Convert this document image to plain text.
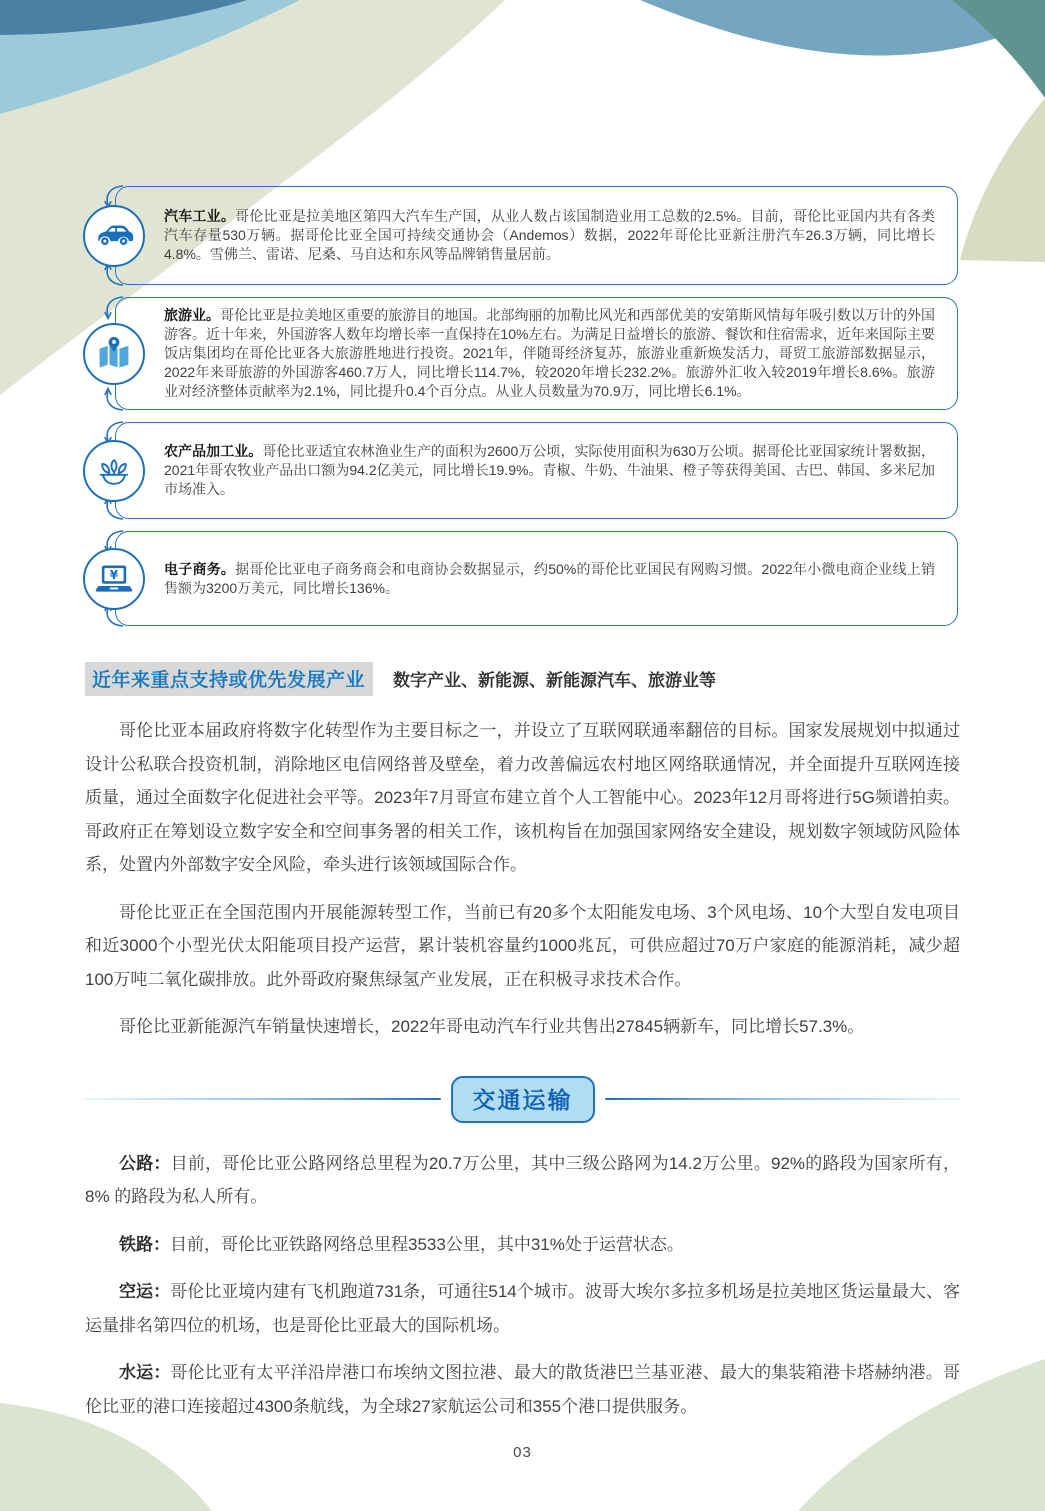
汽车工业。哥伦比亚是拉美地区第四大汽车生产国，从业人数占该国制造业用工总数的2.5%。目前，哥伦比亚国内共有各类汽车存量530万辆。据哥伦比亚全国可持续交通协会（Andemos）数据，2022年哥伦比亚新注册汽车26.3万辆，同比增长4.8%。雪佛兰、雷诺、尼桑、马自达和东风等品牌销售量居前。

旅游业。哥伦比亚是拉美地区重要的旅游目的地国。北部绚丽的加勒比风光和西部优美的安第斯风情每年吸引数以万计的外国游客。近十年来，外国游客人数年均增长率一直保持在10%左右。为满足日益增长的旅游、餐饮和住宿需求，近年来国际主要饭店集团均在哥伦比亚各大旅游胜地进行投资。2021年，伴随哥经济复苏，旅游业重新焕发活力，哥贸工旅游部数据显示，2022年来哥旅游的外国游客460.7万人，同比增长114.7%，较2020年增长232.2%。旅游外汇收入较2019年增长8.6%。旅游业对经济整体贡献率为2.1%，同比提升0.4个百分点。从业人员数量为70.9万，同比增长6.1%。

农产品加工业。哥伦比亚适宜农林渔业生产的面积为2600万公顷，实际使用面积为630万公顷。据哥伦比亚国家统计署数据，2021年哥农牧业产品出口额为94.2亿美元，同比增长19.9%。青椒、牛奶、牛油果、橙子等获得美国、古巴、韩国、多米尼加市场准入。

¥	电子商务。据哥伦比亚电子商务商会和电商协会数据显示，约50%的哥伦比亚国民有网购习惯。2022年小微电商企业线上销售额为3200万美元，同比增长136%。

近年来重点支持或优先发展产业	数字产业、新能源、新能源汽车、旅游业等

哥伦比亚本届政府将数字化转型作为主要目标之一，并设立了互联网联通率翻倍的目标。国家发展规划中拟通过设计公私联合投资机制，消除地区电信网络普及壁垒，着力改善偏远农村地区网络联通情况，并全面提升互联网连接质量，通过全面数字化促进社会平等。2023年7月哥宣布建立首个人工智能中心。2023年12月哥将进行5G频谱拍卖。哥政府正在筹划设立数字安全和空间事务署的相关工作，该机构旨在加强国家网络安全建设，规划数字领域防风险体系，处置内外部数字安全风险，牵头进行该领域国际合作。

哥伦比亚正在全国范围内开展能源转型工作，当前已有20多个太阳能发电场、3个风电场、10个大型自发电项目和近3000个小型光伏太阳能项目投产运营，累计装机容量约1000兆瓦，可供应超过70万户家庭的能源消耗，减少超100万吨二氧化碳排放。此外哥政府聚焦绿氢产业发展，正在积极寻求技术合作。

哥伦比亚新能源汽车销量快速增长，2022年哥电动汽车行业共售出27845辆新车，同比增长57.3%。

交通运输

公路：目前，哥伦比亚公路网络总里程为20.7万公里，其中三级公路网为14.2万公里。92%的路段为国家所有，8% 的路段为私人所有。

铁路：目前，哥伦比亚铁路网络总里程3533公里，其中31%处于运营状态。

空运：哥伦比亚境内建有飞机跑道731条，可通往514个城市。波哥大埃尔多拉多机场是拉美地区货运量最大、客运量排名第四位的机场，也是哥伦比亚最大的国际机场。

水运：哥伦比亚有太平洋沿岸港口布埃纳文图拉港、最大的散货港巴兰基亚港、最大的集装箱港卡塔赫纳港。哥伦比亚的港口连接超过4300条航线，为全球27家航运公司和355个港口提供服务。

03
